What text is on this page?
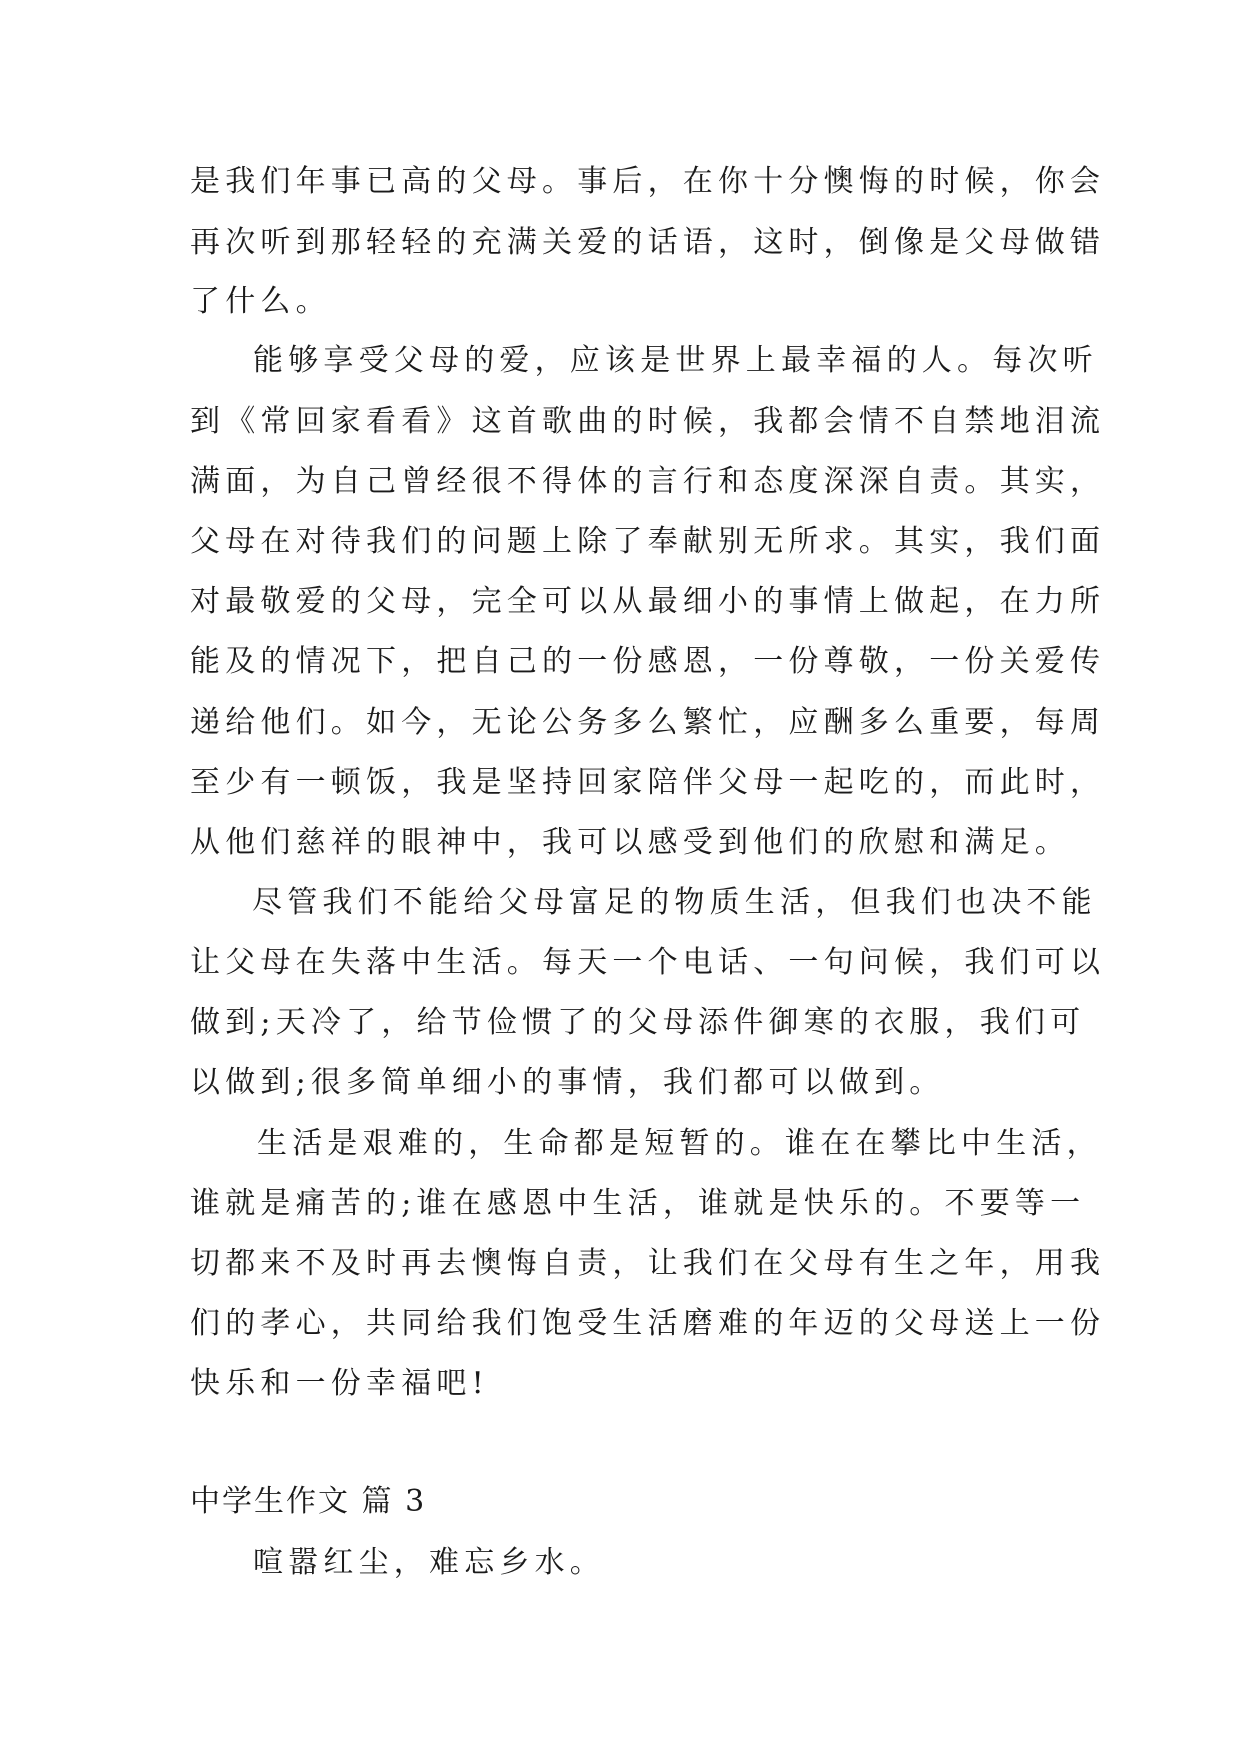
是我们年事已高的父母。事后，在你十分懊悔的时候，你会

再次听到那轻轻的充满关爱的话语，这时，倒像是父母做错

了什么。

能够享受父母的爱，应该是世界上最幸福的人。每次听

到《常回家看看》这首歌曲的时候，我都会情不自禁地泪流

满面，为自己曾经很不得体的言行和态度深深自责。其实，

父母在对待我们的问题上除了奉献别无所求。其实，我们面

对最敬爱的父母，完全可以从最细小的事情上做起，在力所

能及的情况下，把自己的一份感恩，一份尊敬，一份关爱传

递给他们。如今，无论公务多么繁忙，应酬多么重要，每周

至少有一顿饭，我是坚持回家陪伴父母一起吃的，而此时，

从他们慈祥的眼神中，我可以感受到他们的欣慰和满足。

尽管我们不能给父母富足的物质生活，但我们也决不能

让父母在失落中生活。每天一个电话、一句问候，我们可以

做到;天冷了，给节俭惯了的父母添件御寒的衣服，我们可

以做到;很多简单细小的事情，我们都可以做到。

生活是艰难的，生命都是短暂的。谁在在攀比中生活，

谁就是痛苦的;谁在感恩中生活，谁就是快乐的。不要等一

切都来不及时再去懊悔自责，让我们在父母有生之年，用我

们的孝心，共同给我们饱受生活磨难的年迈的父母送上一份

快乐和一份幸福吧!

中学生作文 篇 3

喧嚣红尘，难忘乡水。
